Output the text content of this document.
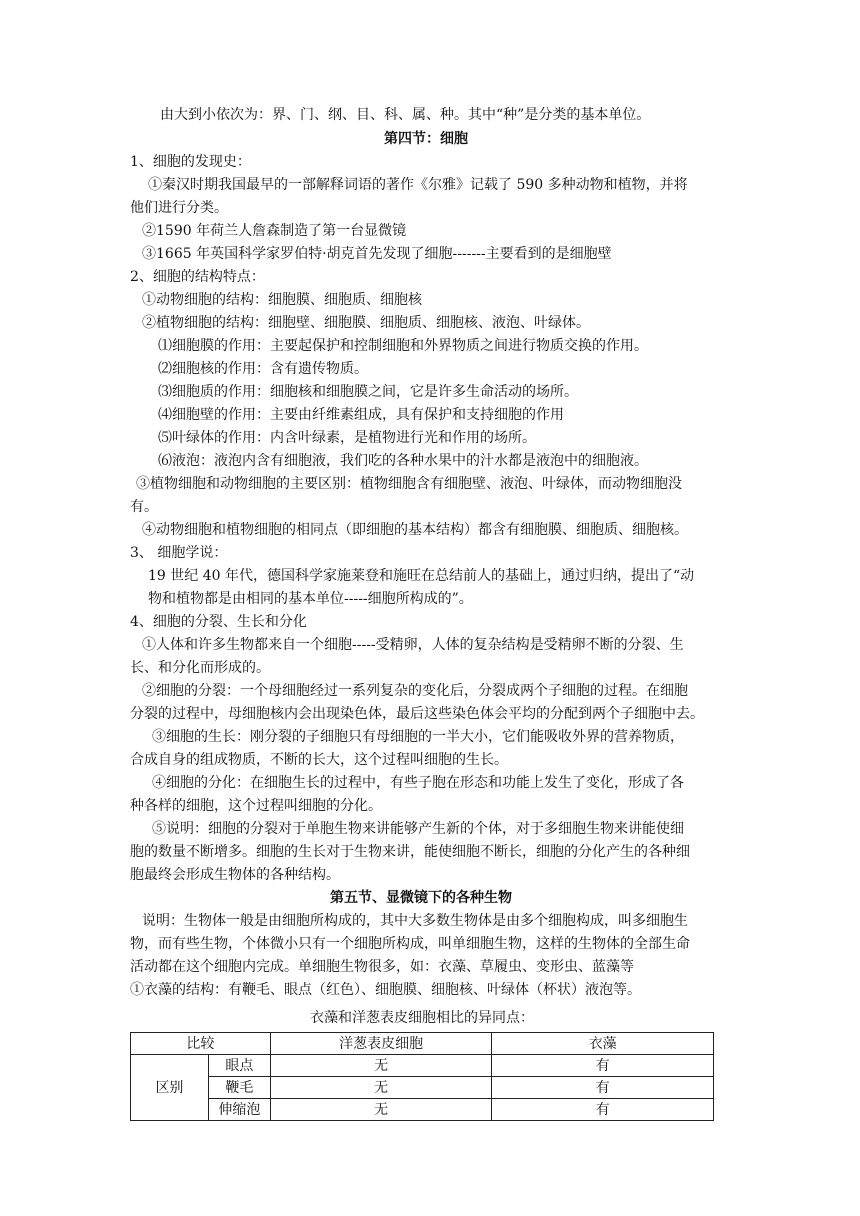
由大到小依次为：界、门、纲、目、科、属、种。其中“种”是分类的基本单位。
第四节：细胞
1、细胞的发现史：
①秦汉时期我国最早的一部解释词语的著作《尔雅》记载了 590 多种动物和植物，并将
他们进行分类。
②1590 年荷兰人詹森制造了第一台显微镜
③1665 年英国科学家罗伯特·胡克首先发现了细胞-------主要看到的是细胞壁
2、细胞的结构特点：
①动物细胞的结构：细胞膜、细胞质、细胞核
②植物细胞的结构：细胞壁、细胞膜、细胞质、细胞核、液泡、叶绿体。
⑴细胞膜的作用：主要起保护和控制细胞和外界物质之间进行物质交换的作用。
⑵细胞核的作用：含有遗传物质。
⑶细胞质的作用：细胞核和细胞膜之间，它是许多生命活动的场所。
⑷细胞壁的作用：主要由纤维素组成，具有保护和支持细胞的作用
⑸叶绿体的作用：内含叶绿素，是植物进行光和作用的场所。
⑹液泡：液泡内含有细胞液，我们吃的各种水果中的汁水都是液泡中的细胞液。
③植物细胞和动物细胞的主要区别：植物细胞含有细胞壁、液泡、叶绿体，而动物细胞没
有。
④动物细胞和植物细胞的相同点（即细胞的基本结构）都含有细胞膜、细胞质、细胞核。
3、 细胞学说：
19 世纪 40 年代，德国科学家施莱登和施旺在总结前人的基础上，通过归纳，提出了“动
物和植物都是由相同的基本单位-----细胞所构成的”。
4、细胞的分裂、生长和分化
①人体和许多生物都来自一个细胞-----受精卵，人体的复杂结构是受精卵不断的分裂、生
长、和分化而形成的。
②细胞的分裂：一个母细胞经过一系列复杂的变化后，分裂成两个子细胞的过程。在细胞
分裂的过程中，母细胞核内会出现染色体，最后这些染色体会平均的分配到两个子细胞中去。
③细胞的生长：刚分裂的子细胞只有母细胞的一半大小，它们能吸收外界的营养物质，
合成自身的组成物质，不断的长大，这个过程叫细胞的生长。
④细胞的分化：在细胞生长的过程中，有些子胞在形态和功能上发生了变化，形成了各
种各样的细胞，这个过程叫细胞的分化。
⑤说明：细胞的分裂对于单胞生物来讲能够产生新的个体，对于多细胞生物来讲能使细
胞的数量不断增多。细胞的生长对于生物来讲，能使细胞不断长，细胞的分化产生的各种细
胞最终会形成生物体的各种结构。
第五节、显微镜下的各种生物
说明：生物体一般是由细胞所构成的，其中大多数生物体是由多个细胞构成，叫多细胞生
物，而有些生物，个体微小只有一个细胞所构成，叫单细胞生物，这样的生物体的全部生命
活动都在这个细胞内完成。单细胞生物很多，如：衣藻、草履虫、变形虫、蓝藻等
①衣藻的结构：有鞭毛、眼点（红色）、细胞膜、细胞核、叶绿体（杯状）液泡等。
衣藻和洋葱表皮细胞相比的异同点：
比较		洋葱表皮细胞	衣藻
区别	眼点	无	有
	鞭毛	无	有
	伸缩泡	无	有
